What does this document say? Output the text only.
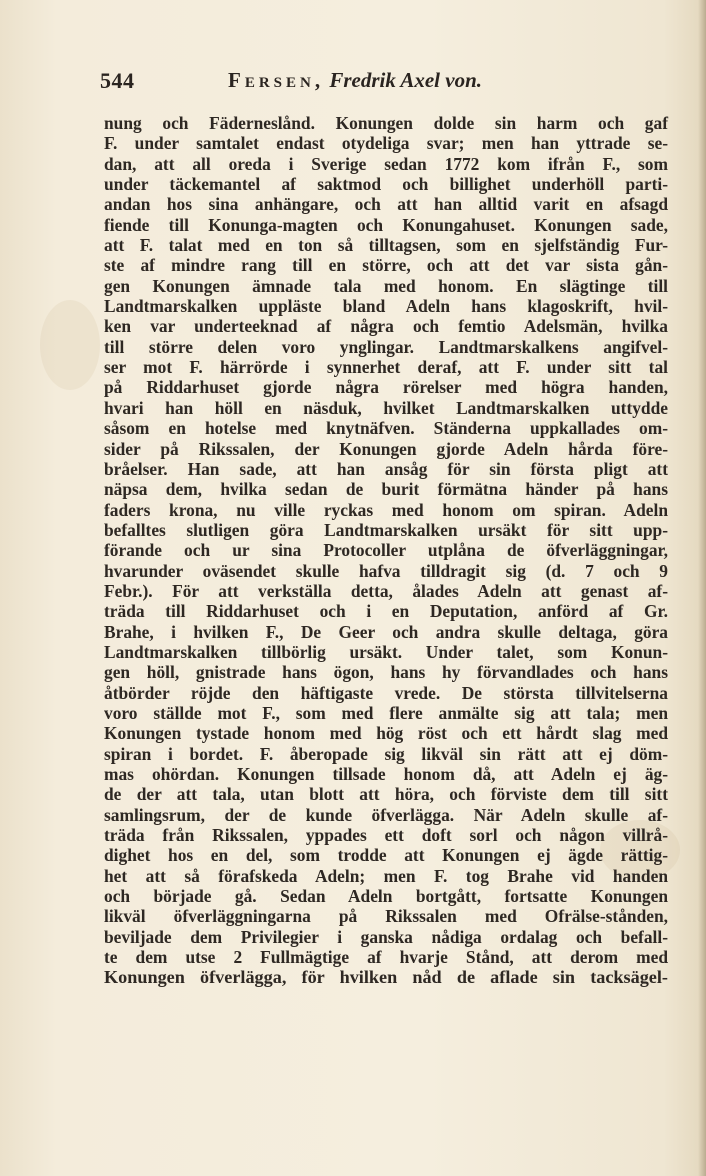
544	Fersen, Fredrik Axel von.
nung och Fäderneslånd. Konungen dolde sin harm och gaf
F. under samtalet endast otydeliga svar; men han yttrade se-
dan, att all oreda i Sverige sedan 1772 kom ifrån F., som
under täckemantel af saktmod och billighet underhöll parti-
andan hos sina anhängare, och att han alltid varit en afsagd
fiende till Konunga-magten och Konungahuset. Konungen sade,
att F. talat med en ton så tilltagsen, som en sjelfständig Fur-
ste af mindre rang till en större, och att det var sista gån-
gen Konungen ämnade tala med honom. En slägtinge till
Landtmarskalken uppläste bland Adeln hans klagoskrift, hvil-
ken var underteeknad af några och femtio Adelsmän, hvilka
till större delen voro ynglingar. Landtmarskalkens angifvel-
ser mot F. härrörde i synnerhet deraf, att F. under sitt tal
på Riddarhuset gjorde några rörelser med högra handen,
hvari han höll en näsduk, hvilket Landtmarskalken uttydde
såsom en hotelse med knytnäfven. Ständerna uppkallades om-
sider på Rikssalen, der Konungen gjorde Adeln hårda före-
bråelser. Han sade, att han ansåg för sin första pligt att
näpsa dem, hvilka sedan de burit förmätna händer på hans
faders krona, nu ville ryckas med honom om spiran. Adeln
befalltes slutligen göra Landtmarskalken ursäkt för sitt upp-
förande och ur sina Protocoller utplåna de öfverläggningar,
hvarunder oväsendet skulle hafva tilldragit sig (d. 7 och 9
Febr.). För att verkställa detta, ålades Adeln att genast af-
träda till Riddarhuset och i en Deputation, anförd af Gr.
Brahe, i hvilken F., De Geer och andra skulle deltaga, göra
Landtmarskalken tillbörlig ursäkt. Under talet, som Konun-
gen höll, gnistrade hans ögon, hans hy förvandlades och hans
åtbörder röjde den häftigaste vrede. De största tillvitelserna
voro ställde mot F., som med flere anmälte sig att tala; men
Konungen tystade honom med hög röst och ett hårdt slag med
spiran i bordet. F. åberopade sig likväl sin rätt att ej döm-
mas ohördan. Konungen tillsade honom då, att Adeln ej äg-
de der att tala, utan blott att höra, och förviste dem till sitt
samlingsrum, der de kunde öfverlägga. När Adeln skulle af-
träda från Rikssalen, yppades ett doft sorl och någon villrå-
dighet hos en del, som trodde att Konungen ej ägde rättig-
het att så förafskeda Adeln; men F. tog Brahe vid handen
och började gå. Sedan Adeln bortgått, fortsatte Konungen
likväl öfverläggningarna på Rikssalen med Ofrälse-stånden,
beviljade dem Privilegier i ganska nådiga ordalag och befall-
te dem utse 2 Fullmägtige af hvarje Stånd, att derom med
Konungen öfverlägga, för hvilken nåd de aflade sin tacksägel-
